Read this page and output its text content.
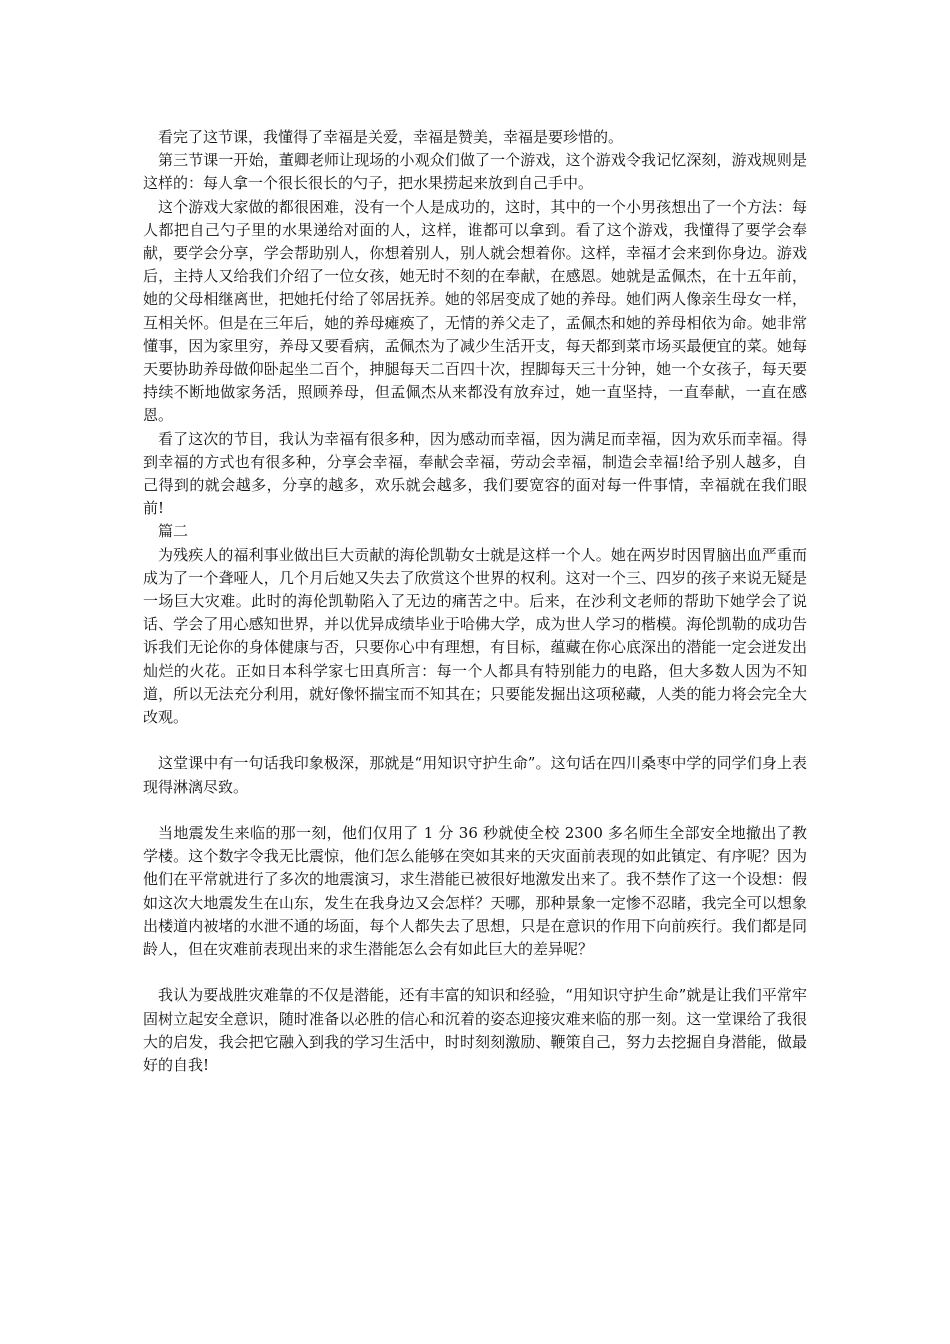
看完了这节课，我懂得了幸福是关爱，幸福是赞美，幸福是要珍惜的。

第三节课一开始，董卿老师让现场的小观众们做了一个游戏，这个游戏令我记忆深刻，游戏规则是这样的：每人拿一个很长很长的勺子，把水果捞起来放到自己手中。

这个游戏大家做的都很困难，没有一个人是成功的，这时，其中的一个小男孩想出了一个方法：每人都把自己勺子里的水果递给对面的人，这样，谁都可以拿到。看了这个游戏，我懂得了要学会奉献，要学会分享，学会帮助别人，你想着别人，别人就会想着你。这样，幸福才会来到你身边。游戏后，主持人又给我们介绍了一位女孩，她无时不刻的在奉献，在感恩。她就是孟佩杰，在十五年前，她的父母相继离世，把她托付给了邻居抚养。她的邻居变成了她的养母。她们两人像亲生母女一样，互相关怀。但是在三年后，她的养母瘫痪了，无情的养父走了，孟佩杰和她的养母相依为命。她非常懂事，因为家里穷，养母又要看病，孟佩杰为了减少生活开支，每天都到菜市场买最便宜的菜。她每天要协助养母做仰卧起坐二百个，抻腿每天二百四十次，捏脚每天三十分钟，她一个女孩子，每天要持续不断地做家务活，照顾养母，但孟佩杰从来都没有放弃过，她一直坚持，一直奉献，一直在感恩。

看了这次的节目，我认为幸福有很多种，因为感动而幸福，因为满足而幸福，因为欢乐而幸福。得到幸福的方式也有很多种，分享会幸福，奉献会幸福，劳动会幸福，制造会幸福!给予别人越多，自己得到的就会越多，分享的越多，欢乐就会越多，我们要宽容的面对每一件事情，幸福就在我们眼前!

篇二

为残疾人的福利事业做出巨大贡献的海伦凯勒女士就是这样一个人。她在两岁时因胃脑出血严重而成为了一个聋哑人，几个月后她又失去了欣赏这个世界的权利。这对一个三、四岁的孩子来说无疑是一场巨大灾难。此时的海伦凯勒陷入了无边的痛苦之中。后来，在沙利文老师的帮助下她学会了说话、学会了用心感知世界，并以优异成绩毕业于哈佛大学，成为世人学习的楷模。海伦凯勒的成功告诉我们无论你的身体健康与否，只要你心中有理想，有目标，蕴藏在你心底深出的潜能一定会迸发出灿烂的火花。正如日本科学家七田真所言：每一个人都具有特别能力的电路，但大多数人因为不知道，所以无法充分利用，就好像怀揣宝而不知其在；只要能发掘出这项秘藏，人类的能力将会完全大改观。

这堂课中有一句话我印象极深，那就是“用知识守护生命”。这句话在四川桑枣中学的同学们身上表现得淋漓尽致。

当地震发生来临的那一刻，他们仅用了 1 分 36 秒就使全校 2300 多名师生全部安全地撤出了教学楼。这个数字令我无比震惊，他们怎么能够在突如其来的天灾面前表现的如此镇定、有序呢？因为他们在平常就进行了多次的地震演习，求生潜能已被很好地激发出来了。我不禁作了这一个设想：假如这次大地震发生在山东，发生在我身边又会怎样？天哪，那种景象一定惨不忍睹，我完全可以想象出楼道内被堵的水泄不通的场面，每个人都失去了思想，只是在意识的作用下向前疾行。我们都是同龄人，但在灾难前表现出来的求生潜能怎么会有如此巨大的差异呢？

我认为要战胜灾难靠的不仅是潜能，还有丰富的知识和经验，“用知识守护生命”就是让我们平常牢固树立起安全意识，随时准备以必胜的信心和沉着的姿态迎接灾难来临的那一刻。这一堂课给了我很大的启发，我会把它融入到我的学习生活中，时时刻刻激励、鞭策自己，努力去挖掘自身潜能，做最好的自我!
